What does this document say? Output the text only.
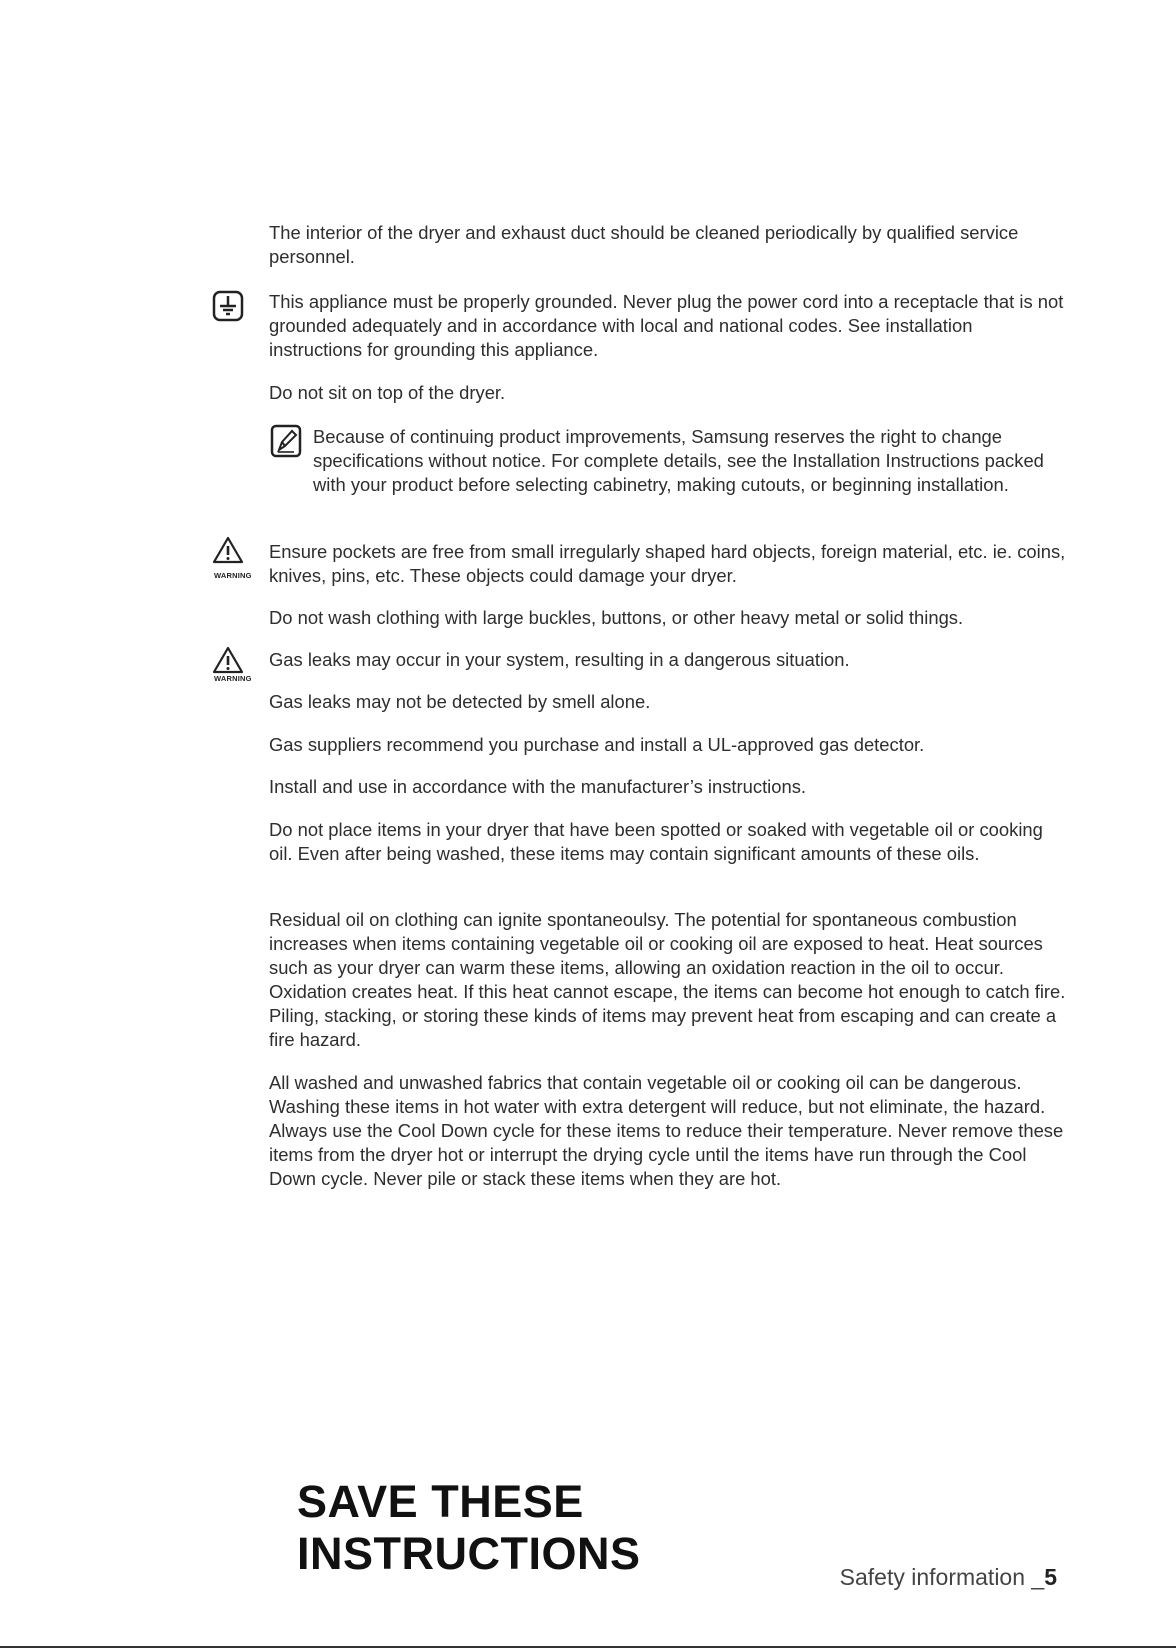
The interior of the dryer and exhaust duct should be cleaned periodically by qualified service personnel.

This appliance must be properly grounded. Never plug the power cord into a receptacle that is not grounded adequately and in accordance with local and national codes. See installation instructions for grounding this appliance.

Do not sit on top of the dryer.

Because of continuing product improvements, Samsung reserves the right to change specifications without notice. For complete details, see the Installation Instructions packed with your product before selecting cabinetry, making cutouts, or beginning installation.

WARNING

Ensure pockets are free from small irregularly shaped hard objects, foreign material, etc. ie. coins, knives, pins, etc. These objects could damage your dryer.

Do not wash clothing with large buckles, buttons, or other heavy metal or solid things.

WARNING

Gas leaks may occur in your system, resulting in a dangerous situation.

Gas leaks may not be detected by smell alone.

Gas suppliers recommend you purchase and install a UL-approved gas detector.

Install and use in accordance with the manufacturer’s instructions.

Do not place items in your dryer that have been spotted or soaked with vegetable oil or cooking oil. Even after being washed, these items may contain significant amounts of these oils.

Residual oil on clothing can ignite spontaneoulsy. The potential for spontaneous combustion increases when items containing vegetable oil or cooking oil are exposed to heat. Heat sources such as your dryer can warm these items, allowing an oxidation reaction in the oil to occur. Oxidation creates heat. If this heat cannot escape, the items can become hot enough to catch fire. Piling, stacking, or storing these kinds of items may prevent heat from escaping and can create a fire hazard.

All washed and unwashed fabrics that contain vegetable oil or cooking oil can be dangerous. Washing these items in hot water with extra detergent will reduce, but not eliminate, the hazard. Always use the Cool Down cycle for these items to reduce their temperature. Never remove these items from the dryer hot or interrupt the drying cycle until the items have run through the Cool Down cycle. Never pile or stack these items when they are hot.

SAVE THESE INSTRUCTIONS	Safety information _5
